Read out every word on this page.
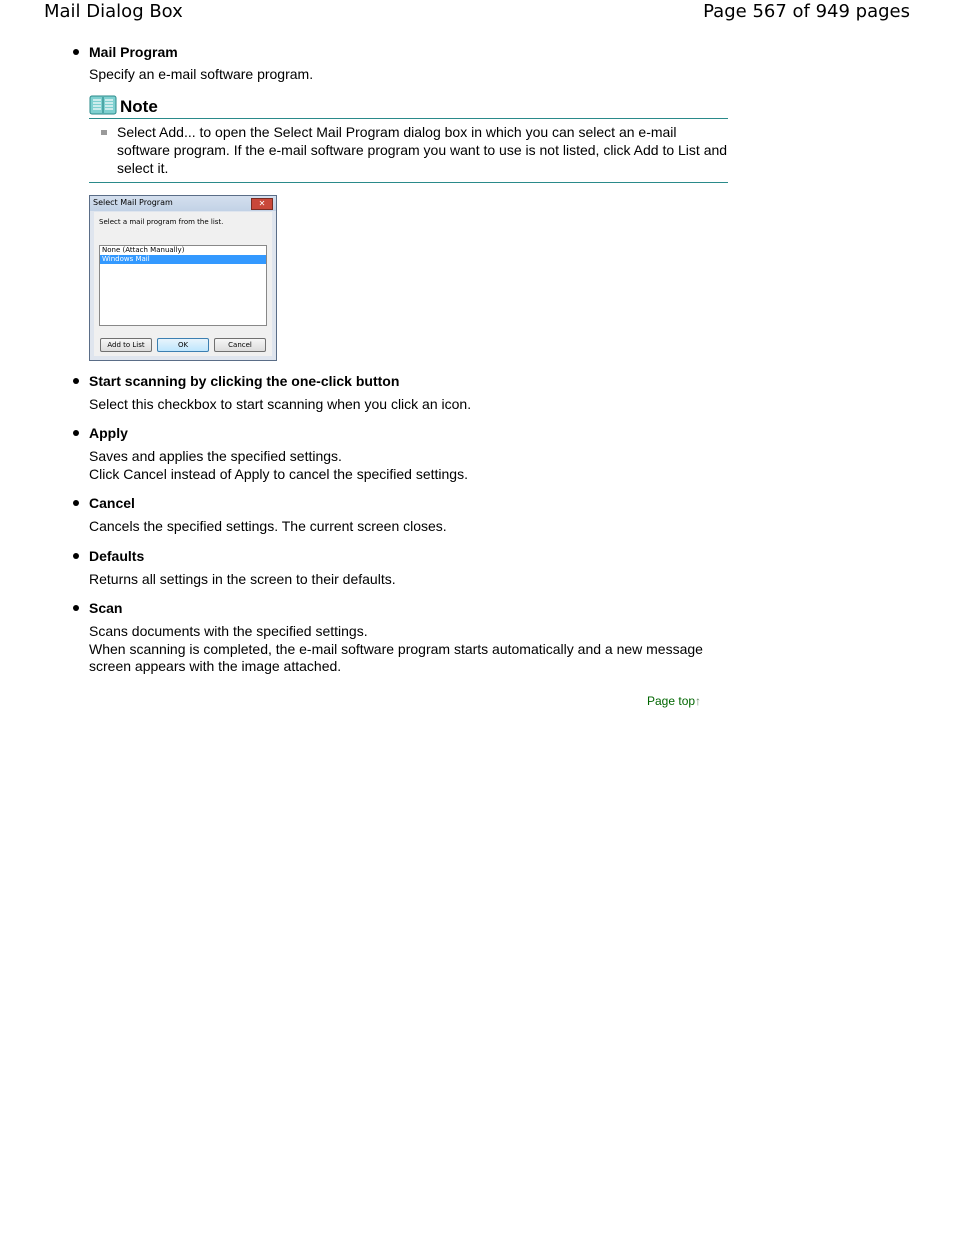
Mail Dialog Box	Page 567 of 949 pages
Mail Program

Specify an e-mail software program.

Note
Select Add... to open the Select Mail Program dialog box in which you can select an e-mail software program. If the e-mail software program you want to use is not listed, click Add to List and select it.
Select Mail Program	✕
Select a mail program from the list.
None (Attach Manually)
Windows Mail
Add to List	OK	Cancel
Start scanning by clicking the one-click button

Select this checkbox to start scanning when you click an icon.

Apply

Saves and applies the specified settings.

Click Cancel instead of Apply to cancel the specified settings.

Cancel

Cancels the specified settings. The current screen closes.

Defaults

Returns all settings in the screen to their defaults.

Scan

Scans documents with the specified settings.

When scanning is completed, the e-mail software program starts automatically and a new message screen appears with the image attached.

Page top↑
